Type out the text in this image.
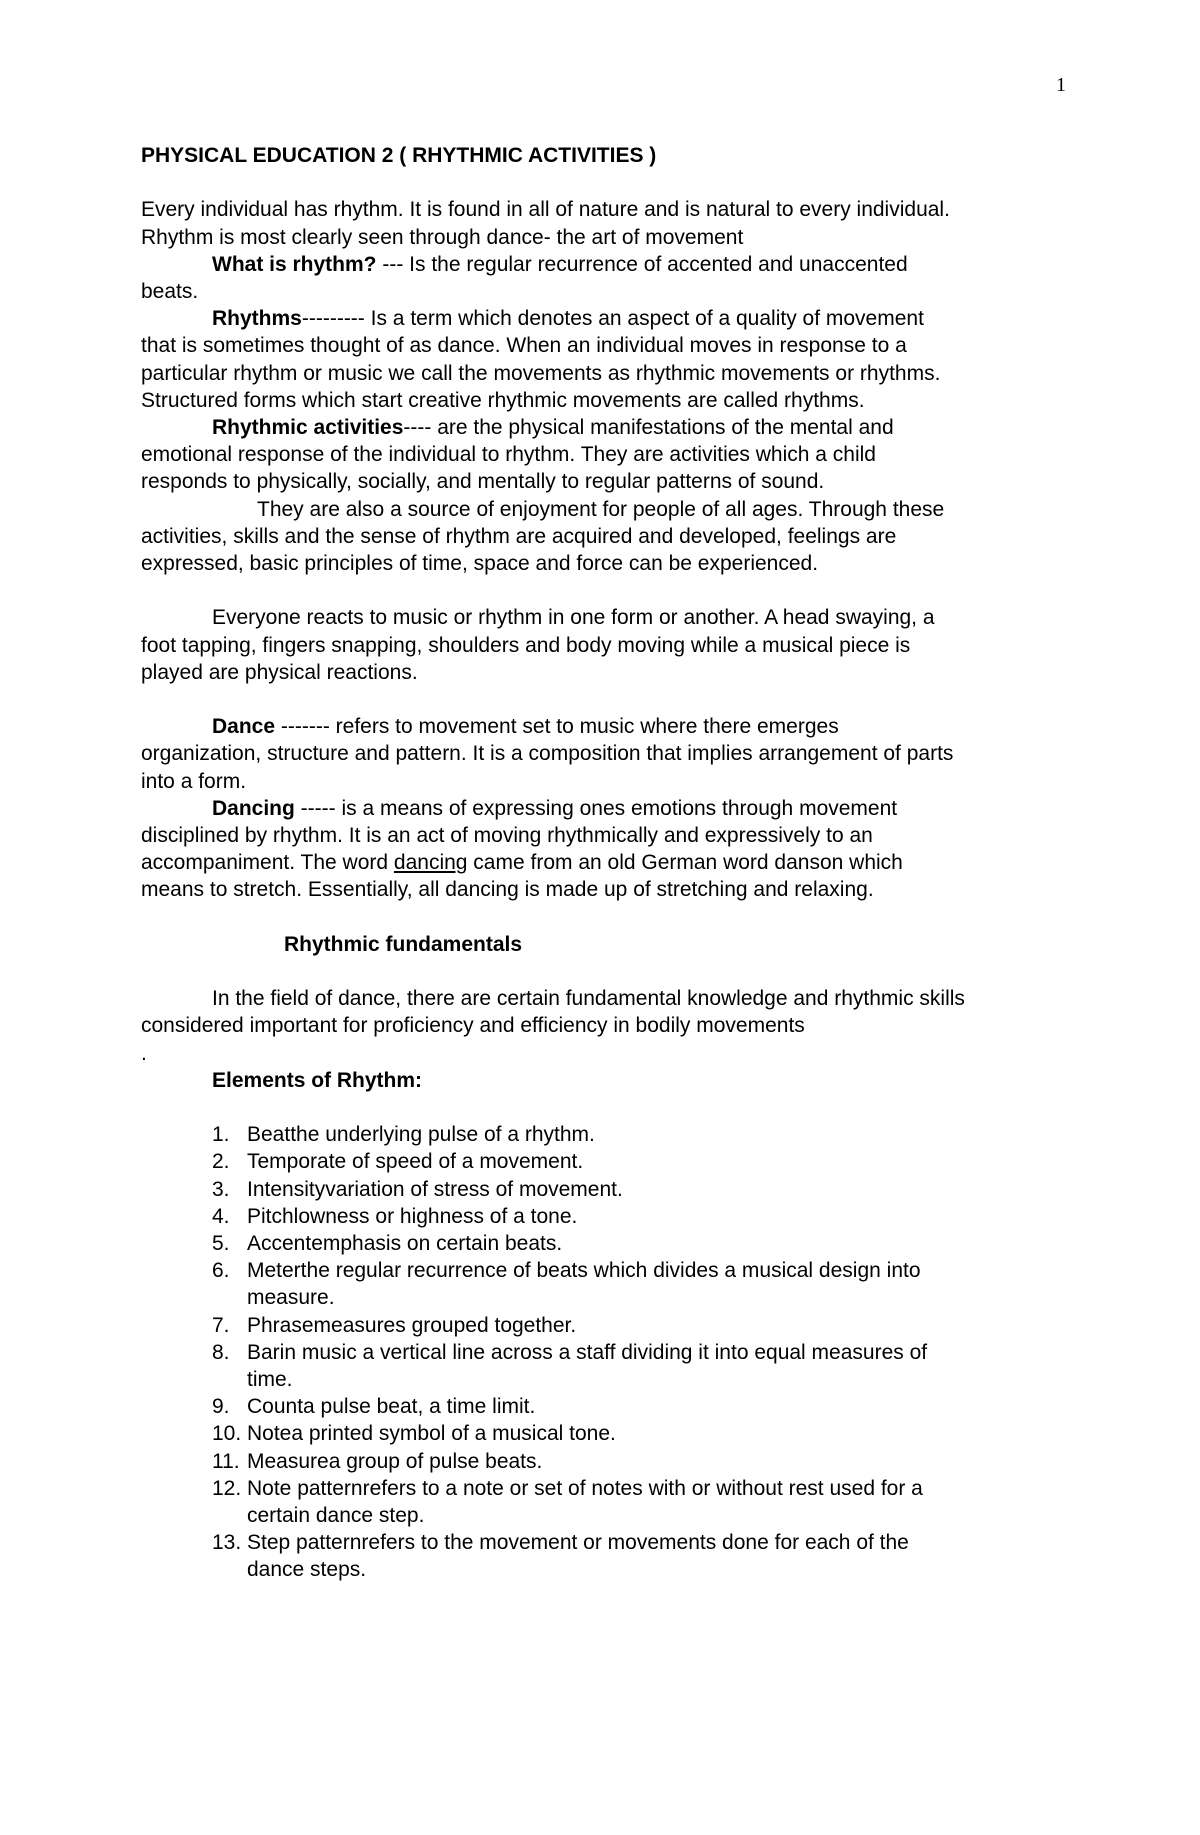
1
PHYSICAL EDUCATION 2 ( RHYTHMIC ACTIVITIES )
Every individual has rhythm. It is found in all of nature and is natural to every individual.
Rhythm is most clearly seen through dance- the art of movement
What is rhythm? --- Is the regular recurrence of accented and unaccented
beats.
Rhythms--------- Is a term which denotes an aspect of a quality of movement
that is sometimes thought of as dance. When an individual moves in response to a
particular rhythm or music we call the movements as rhythmic movements or rhythms.
Structured forms which start creative rhythmic movements are called rhythms.
Rhythmic activities---- are the physical manifestations of the mental and
emotional response of the individual to rhythm. They are activities which a child
responds to physically, socially, and mentally to regular patterns of sound.
They are also a source of enjoyment for people of all ages. Through these
activities, skills and the sense of rhythm are acquired and developed, feelings are
expressed, basic principles of time, space and force can be experienced.
Everyone reacts to music or rhythm in one form or another. A head swaying, a
foot tapping, fingers snapping, shoulders and body moving while a musical piece is
played are physical reactions.
Dance ------- refers to movement set to music where there emerges
organization, structure and pattern. It is a composition that implies arrangement of parts
into a form.
Dancing ----- is a means of expressing ones emotions through movement
disciplined by rhythm. It is an act of moving rhythmically and expressively to an
accompaniment. The word dancing came from an old German word danson which
means to stretch. Essentially, all dancing is made up of stretching and relaxing.
Rhythmic fundamentals
In the field of dance, there are certain fundamental knowledge and rhythmic skills
considered important for proficiency and efficiency in bodily movements
.
Elements of Rhythm:
1. Beatthe underlying pulse of a rhythm.
2. Temporate of speed of a movement.
3. Intensityvariation of stress of movement.
4. Pitchlowness or highness of a tone.
5. Accentemphasis on certain beats.
6. Meterthe regular recurrence of beats which divides a musical design into
measure.
7. Phrasemeasures grouped together.
8. Barin music a vertical line across a staff dividing it into equal measures of
time.
9. Counta pulse beat, a time limit.
10. Notea printed symbol of a musical tone.
11. Measurea group of pulse beats.
12. Note patternrefers to a note or set of notes with or without rest used for a
certain dance step.
13. Step patternrefers to the movement or movements done for each of the
dance steps.
